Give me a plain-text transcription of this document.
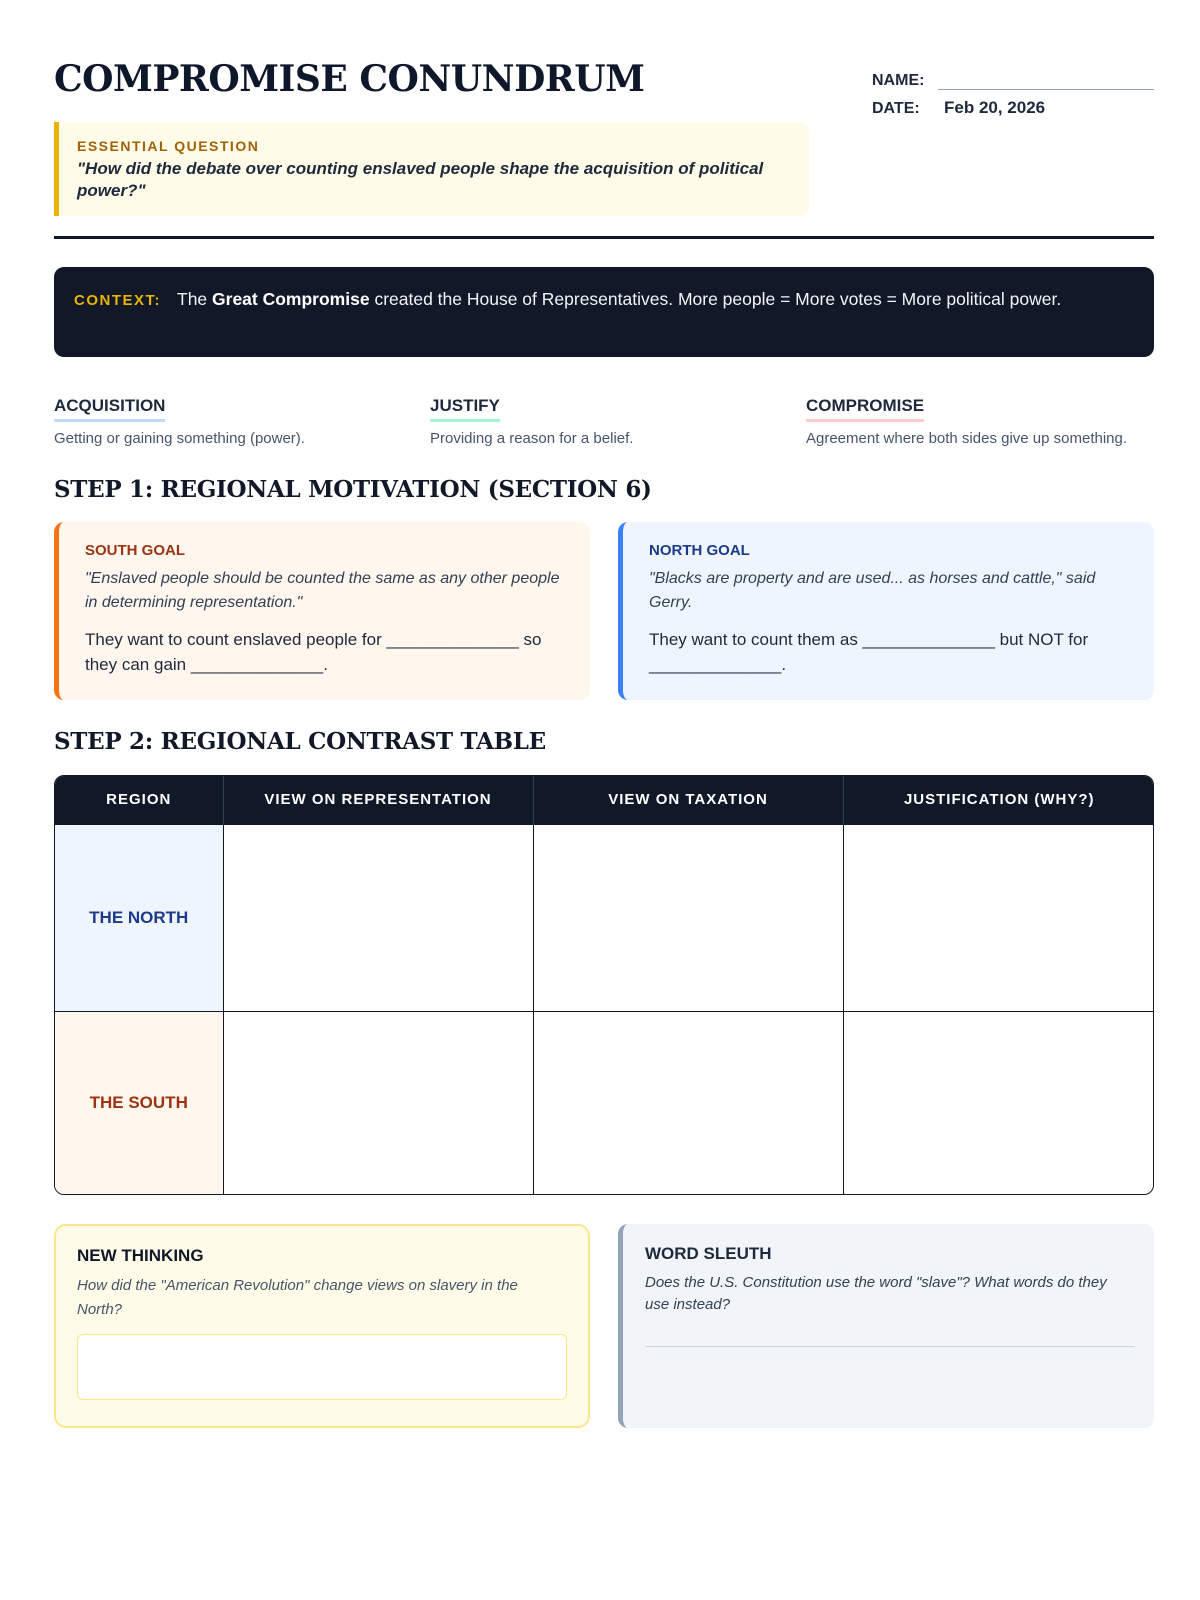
COMPROMISE CONUNDRUM	NAME:
DATE:	Feb 20, 2026
ESSENTIAL QUESTION
"How did the debate over counting enslaved people shape the acquisition of political power?"
CONTEXT: The Great Compromise created the House of Representatives. More people = More votes = More political power.
ACQUISITION
Getting or gaining something (power).
JUSTIFY
Providing a reason for a belief.
COMPROMISE
Agreement where both sides give up something.
STEP 1: REGIONAL MOTIVATION (SECTION 6)
SOUTH GOAL
"Enslaved people should be counted the same as any other people in determining representation."
They want to count enslaved people for ______________ so they can gain ______________.
NORTH GOAL
"Blacks are property and are used... as horses and cattle," said Gerry.
They want to count them as ______________ but NOT for ______________.
STEP 2: REGIONAL CONTRAST TABLE
REGION	VIEW ON REPRESENTATION	VIEW ON TAXATION	JUSTIFICATION (WHY?)
THE NORTH			
THE SOUTH			
NEW THINKING
How did the "American Revolution" change views on slavery in the North?
WORD SLEUTH
Does the U.S. Constitution use the word "slave"? What words do they use instead?
